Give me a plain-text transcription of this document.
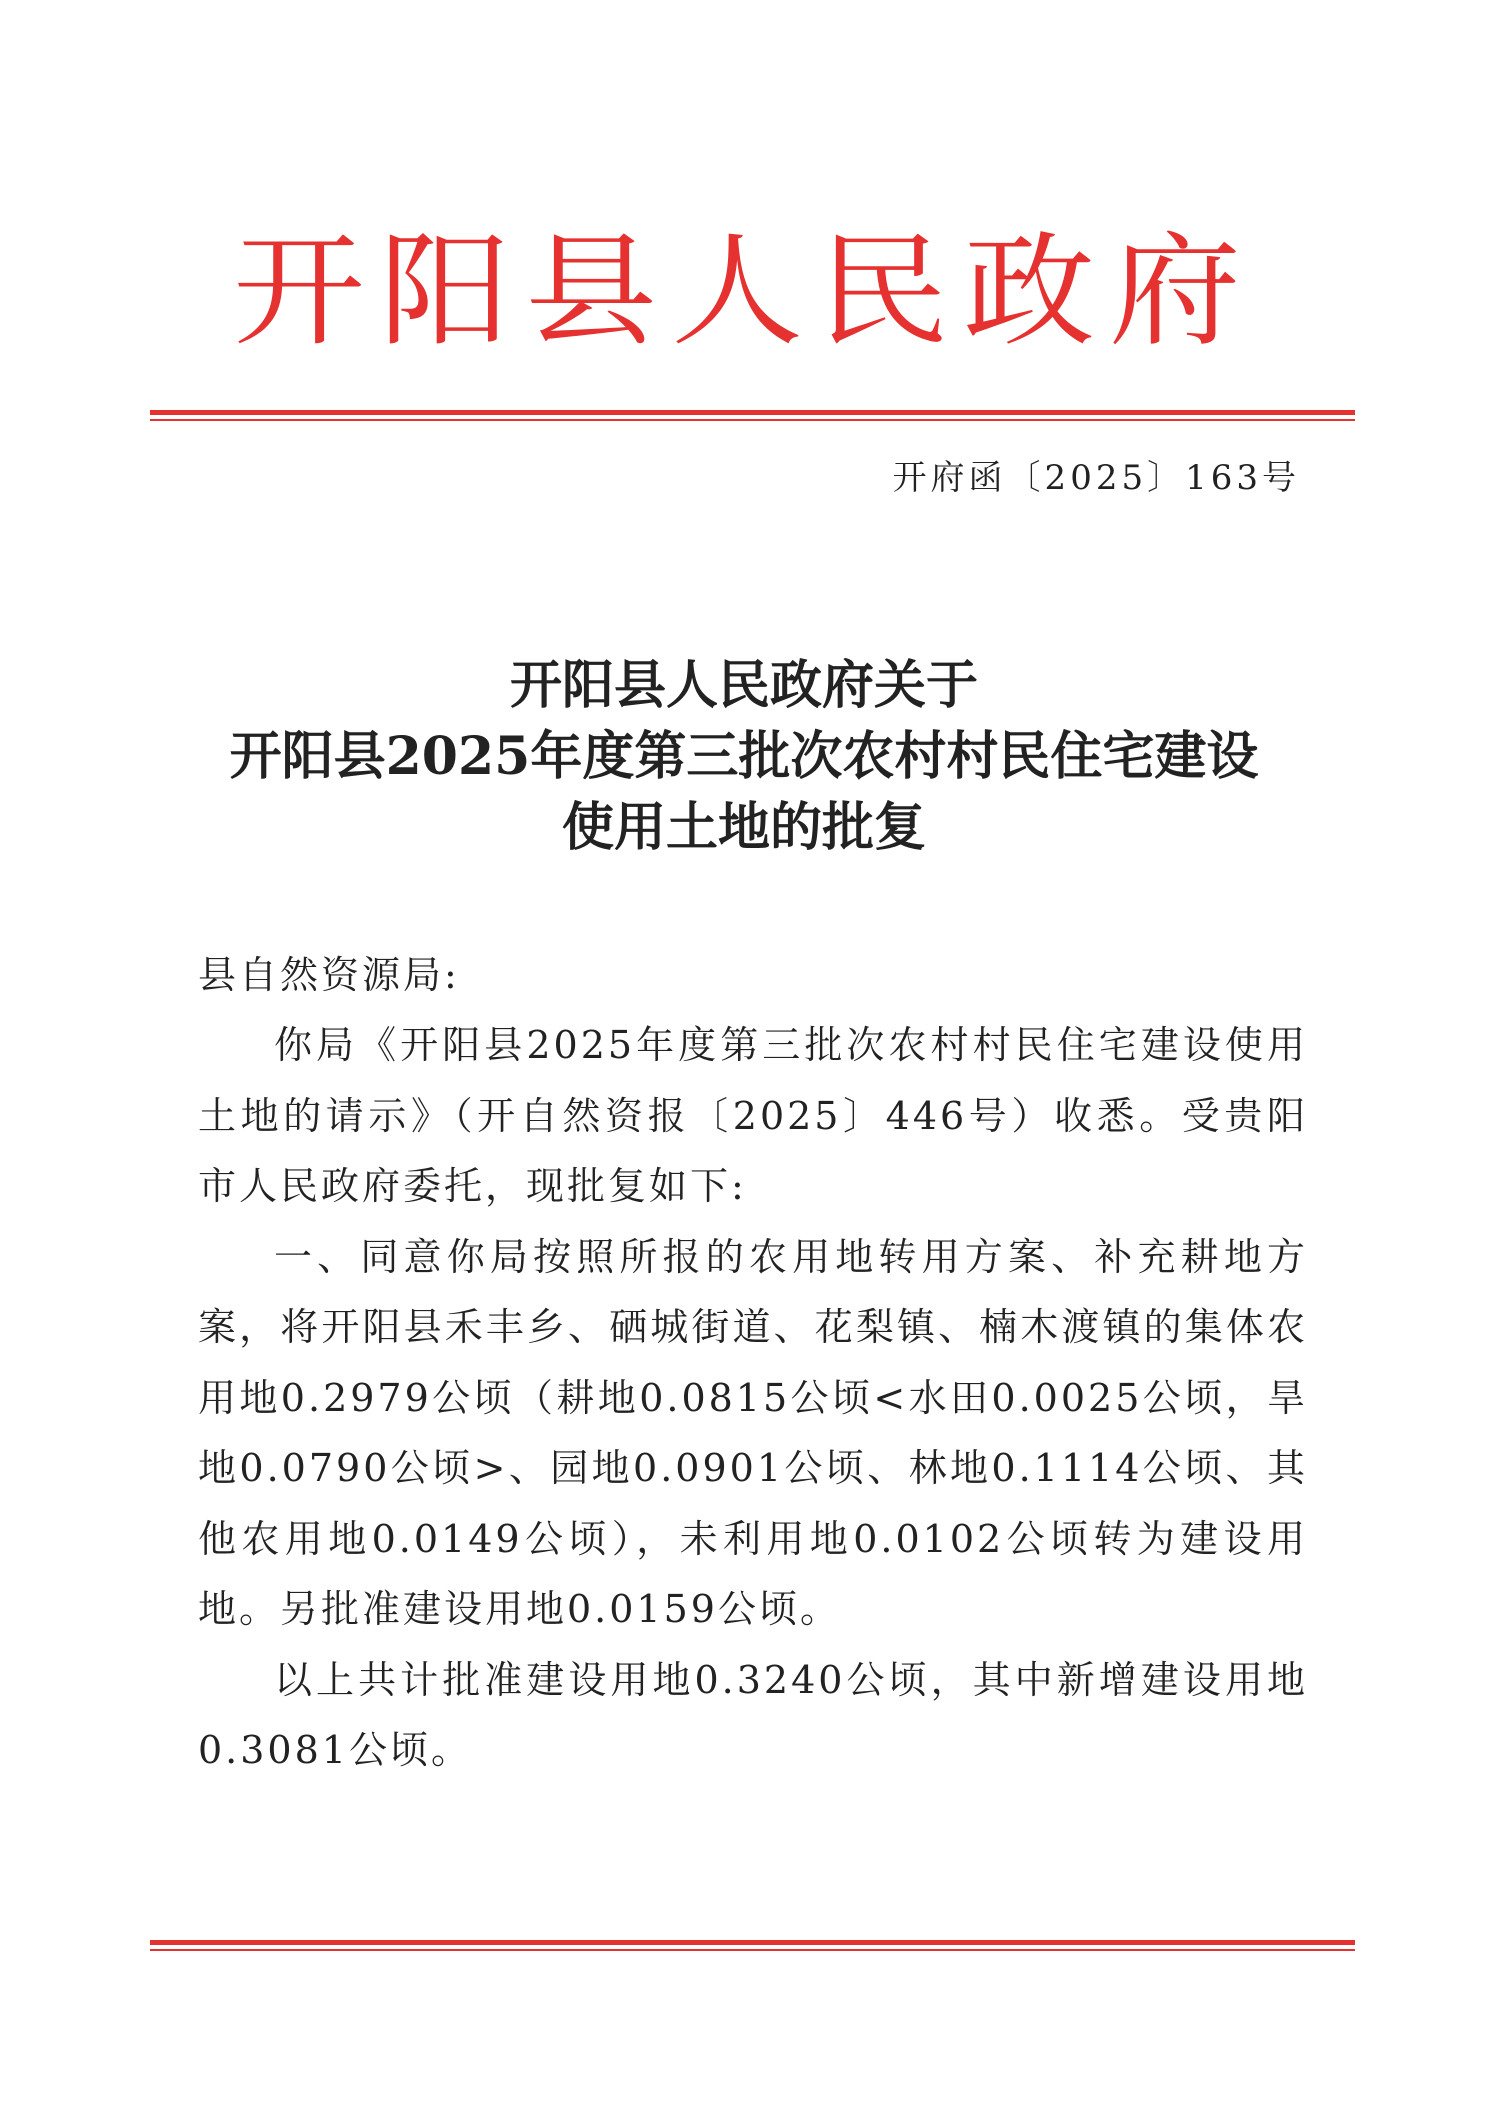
开阳县人民政府
开府函〔2025〕163号
开阳县人民政府关于
开阳县2025年度第三批次农村村民住宅建设
使用土地的批复

县自然资源局:

你局《开阳县2025年度第三批次农村村民住宅建设使用土地的请示》（开自然资报〔2025〕446号）收悉。受贵阳市人民政府委托，现批复如下:

一、同意你局按照所报的农用地转用方案、补充耕地方案，将开阳县禾丰乡、硒城街道、花梨镇、楠木渡镇的集体农用地0.2979公顷（耕地0.0815公顷<水田0.0025公顷，旱地0.0790公顷>、园地0.0901公顷、林地0.1114公顷、其他农用地0.0149公顷），未利用地0.0102公顷转为建设用地。另批准建设用地0.0159公顷。

以上共计批准建设用地0.3240公顷，其中新增建设用地0.3081公顷。
